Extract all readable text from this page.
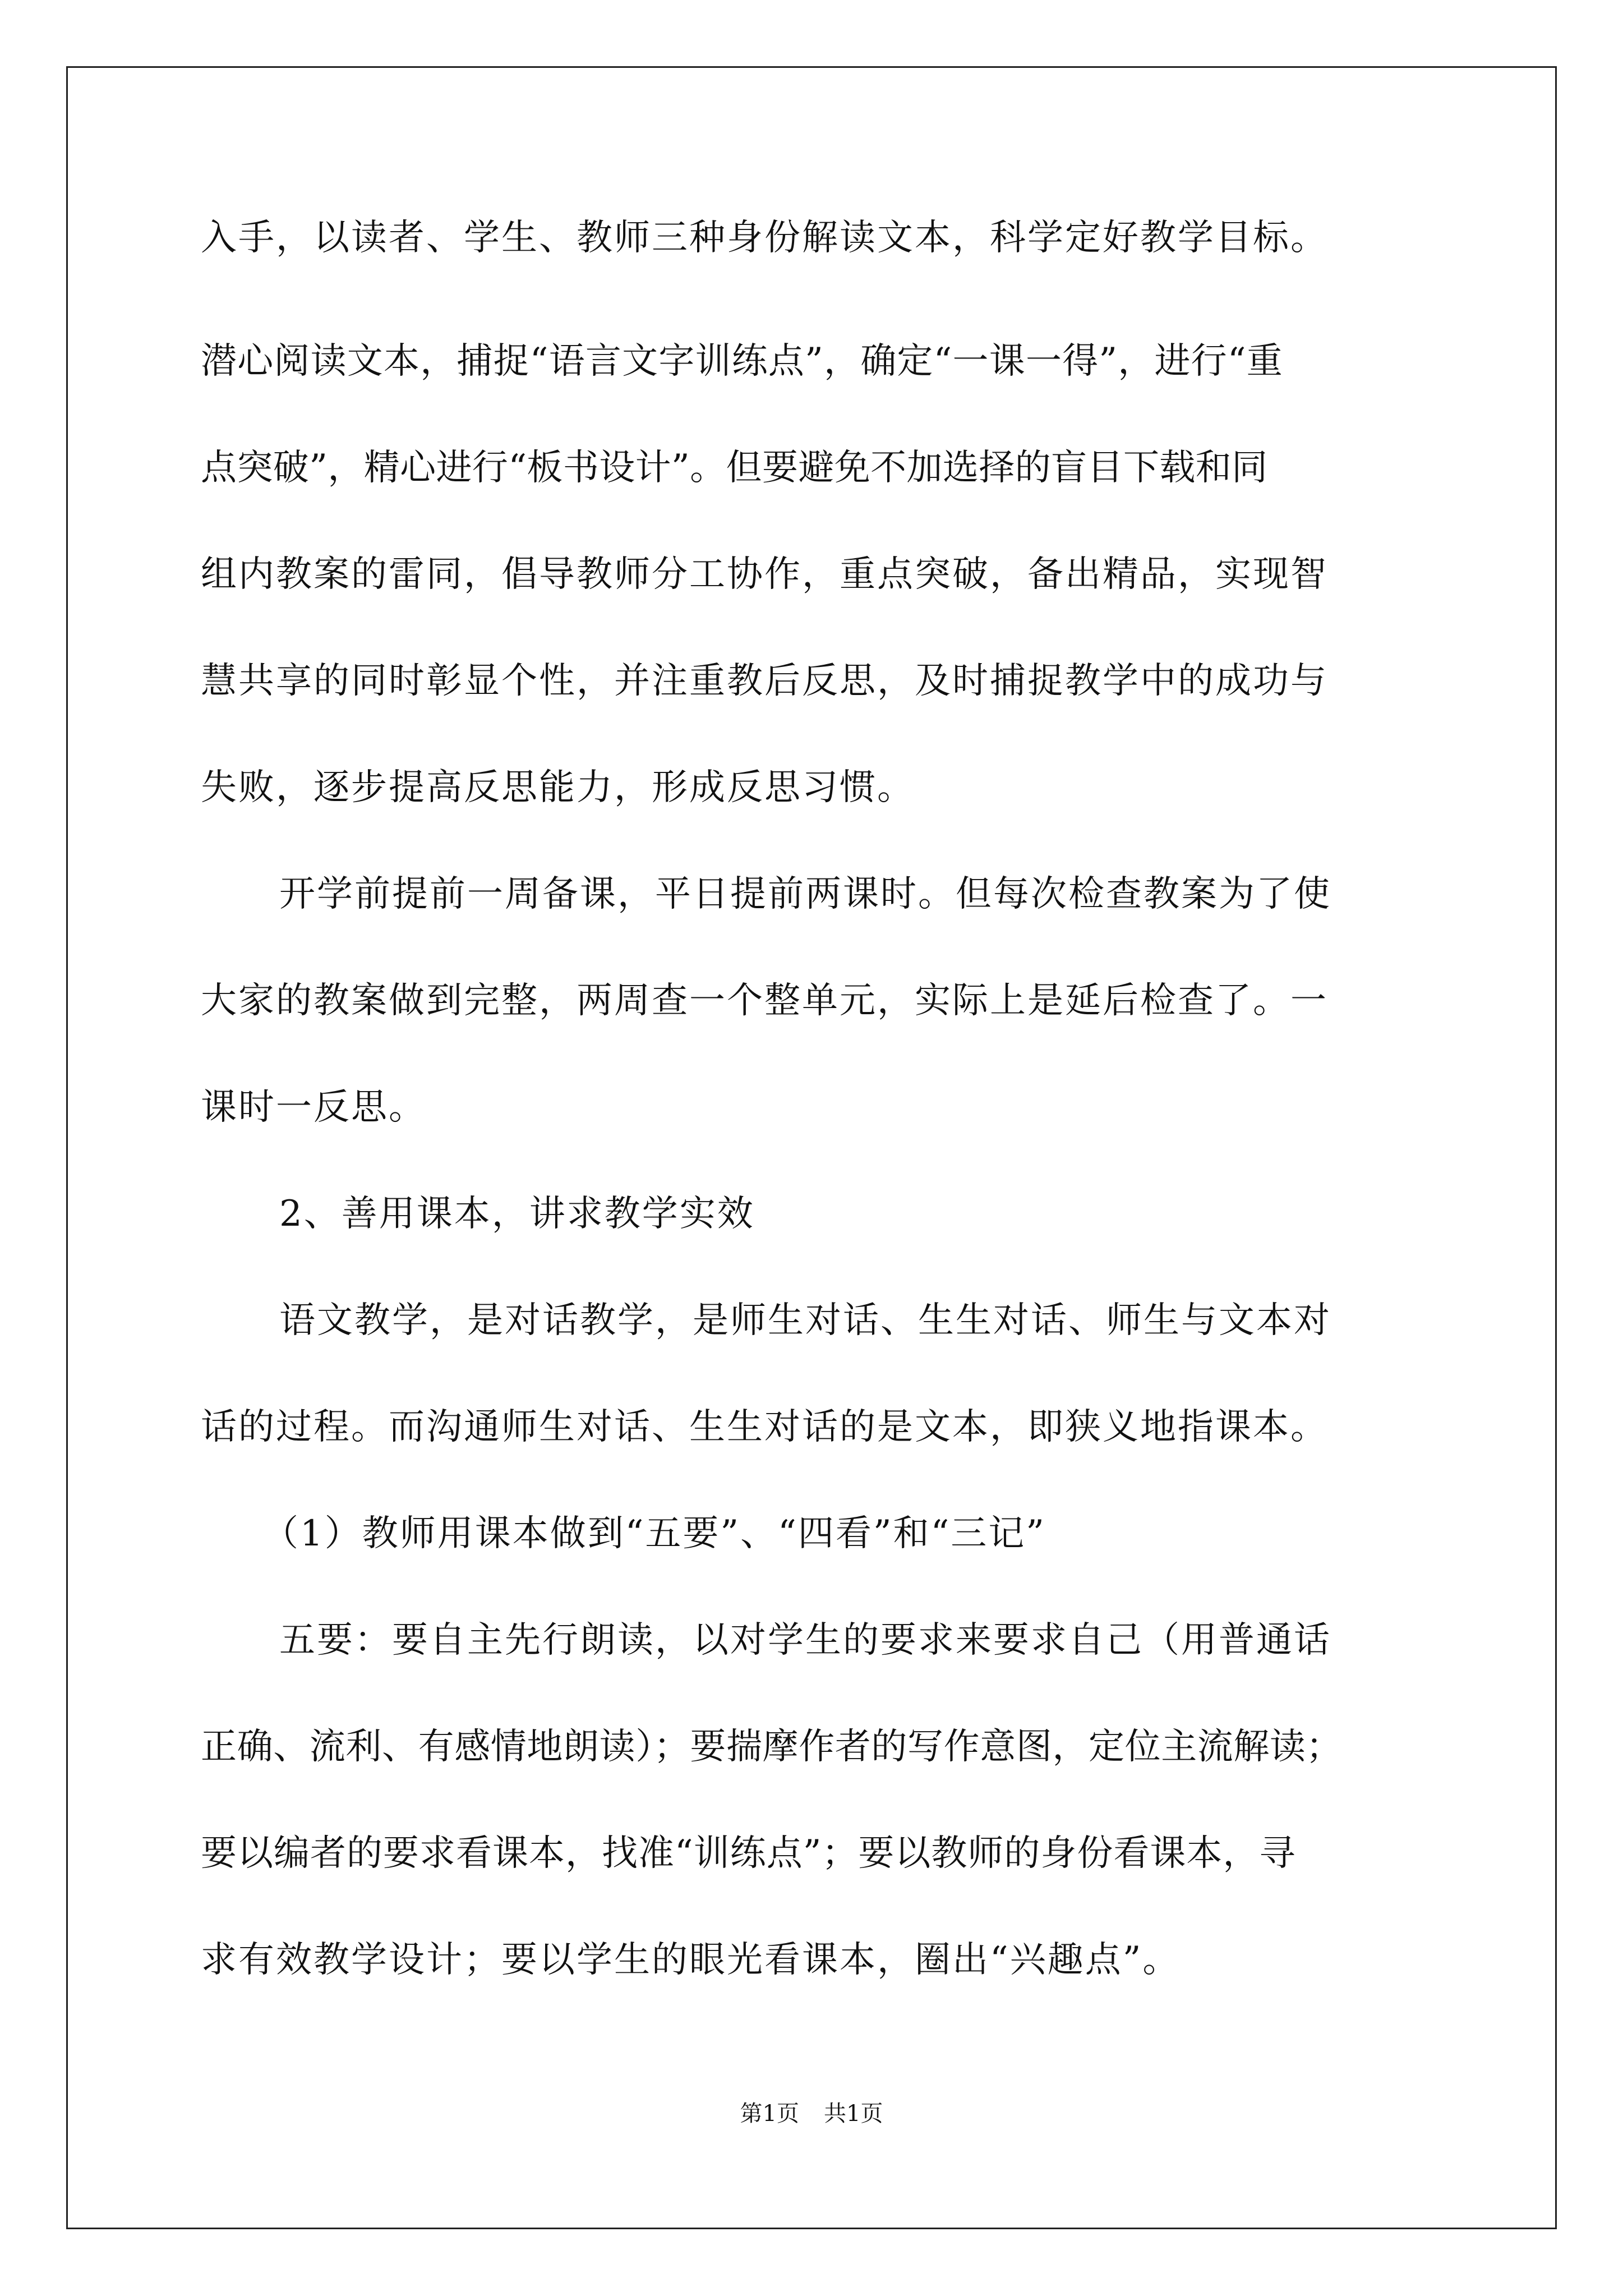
入手，以读者、学生、教师三种身份解读文本，科学定好教学目标。
潜心阅读文本，捕捉“语言文字训练点”，确定“一课一得”，进行“重
点突破”，精心进行“板书设计”。但要避免不加选择的盲目下载和同
组内教案的雷同，倡导教师分工协作，重点突破，备出精品，实现智
慧共享的同时彰显个性，并注重教后反思，及时捕捉教学中的成功与
失败，逐步提高反思能力，形成反思习惯。
开学前提前一周备课，平日提前两课时。但每次检查教案为了使
大家的教案做到完整，两周查一个整单元，实际上是延后检查了。一
课时一反思。
2、善用课本，讲求教学实效
语文教学，是对话教学，是师生对话、生生对话、师生与文本对
话的过程。而沟通师生对话、生生对话的是文本，即狭义地指课本。
（1）教师用课本做到“五要”、“四看”和“三记”
五要：要自主先行朗读，以对学生的要求来要求自己（用普通话
正确、流利、有感情地朗读）；要揣摩作者的写作意图，定位主流解读；
要以编者的要求看课本，找准“训练点”；要以教师的身份看课本，寻
求有效教学设计；要以学生的眼光看课本，圈出“兴趣点”。
第1页 共1页
